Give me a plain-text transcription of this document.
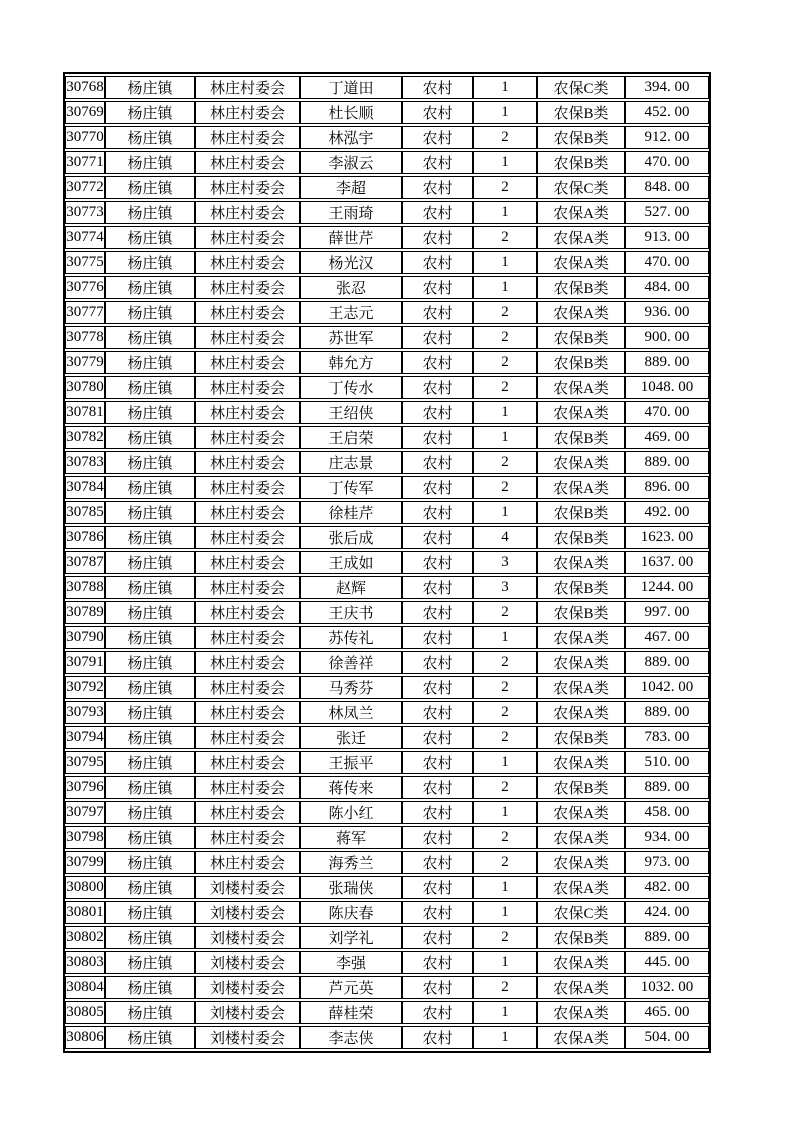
30768	杨庄镇	林庄村委会	丁道田	农村	1	农保C类	394. 00
30769	杨庄镇	林庄村委会	杜长顺	农村	1	农保B类	452. 00
30770	杨庄镇	林庄村委会	林泓宇	农村	2	农保B类	912. 00
30771	杨庄镇	林庄村委会	李淑云	农村	1	农保B类	470. 00
30772	杨庄镇	林庄村委会	李超	农村	2	农保C类	848. 00
30773	杨庄镇	林庄村委会	王雨琦	农村	1	农保A类	527. 00
30774	杨庄镇	林庄村委会	薛世芹	农村	2	农保A类	913. 00
30775	杨庄镇	林庄村委会	杨光汉	农村	1	农保A类	470. 00
30776	杨庄镇	林庄村委会	张忍	农村	1	农保B类	484. 00
30777	杨庄镇	林庄村委会	王志元	农村	2	农保A类	936. 00
30778	杨庄镇	林庄村委会	苏世军	农村	2	农保B类	900. 00
30779	杨庄镇	林庄村委会	韩允方	农村	2	农保B类	889. 00
30780	杨庄镇	林庄村委会	丁传水	农村	2	农保A类	1048. 00
30781	杨庄镇	林庄村委会	王绍侠	农村	1	农保A类	470. 00
30782	杨庄镇	林庄村委会	王启荣	农村	1	农保B类	469. 00
30783	杨庄镇	林庄村委会	庄志景	农村	2	农保A类	889. 00
30784	杨庄镇	林庄村委会	丁传军	农村	2	农保A类	896. 00
30785	杨庄镇	林庄村委会	徐桂芹	农村	1	农保B类	492. 00
30786	杨庄镇	林庄村委会	张后成	农村	4	农保B类	1623. 00
30787	杨庄镇	林庄村委会	王成如	农村	3	农保A类	1637. 00
30788	杨庄镇	林庄村委会	赵辉	农村	3	农保B类	1244. 00
30789	杨庄镇	林庄村委会	王庆书	农村	2	农保B类	997. 00
30790	杨庄镇	林庄村委会	苏传礼	农村	1	农保A类	467. 00
30791	杨庄镇	林庄村委会	徐善祥	农村	2	农保A类	889. 00
30792	杨庄镇	林庄村委会	马秀芬	农村	2	农保A类	1042. 00
30793	杨庄镇	林庄村委会	林凤兰	农村	2	农保A类	889. 00
30794	杨庄镇	林庄村委会	张迁	农村	2	农保B类	783. 00
30795	杨庄镇	林庄村委会	王振平	农村	1	农保A类	510. 00
30796	杨庄镇	林庄村委会	蒋传来	农村	2	农保B类	889. 00
30797	杨庄镇	林庄村委会	陈小红	农村	1	农保A类	458. 00
30798	杨庄镇	林庄村委会	蒋军	农村	2	农保A类	934. 00
30799	杨庄镇	林庄村委会	海秀兰	农村	2	农保A类	973. 00
30800	杨庄镇	刘楼村委会	张瑞侠	农村	1	农保A类	482. 00
30801	杨庄镇	刘楼村委会	陈庆春	农村	1	农保C类	424. 00
30802	杨庄镇	刘楼村委会	刘学礼	农村	2	农保B类	889. 00
30803	杨庄镇	刘楼村委会	李强	农村	1	农保A类	445. 00
30804	杨庄镇	刘楼村委会	芦元英	农村	2	农保A类	1032. 00
30805	杨庄镇	刘楼村委会	薛桂荣	农村	1	农保A类	465. 00
30806	杨庄镇	刘楼村委会	李志侠	农村	1	农保A类	504. 00
